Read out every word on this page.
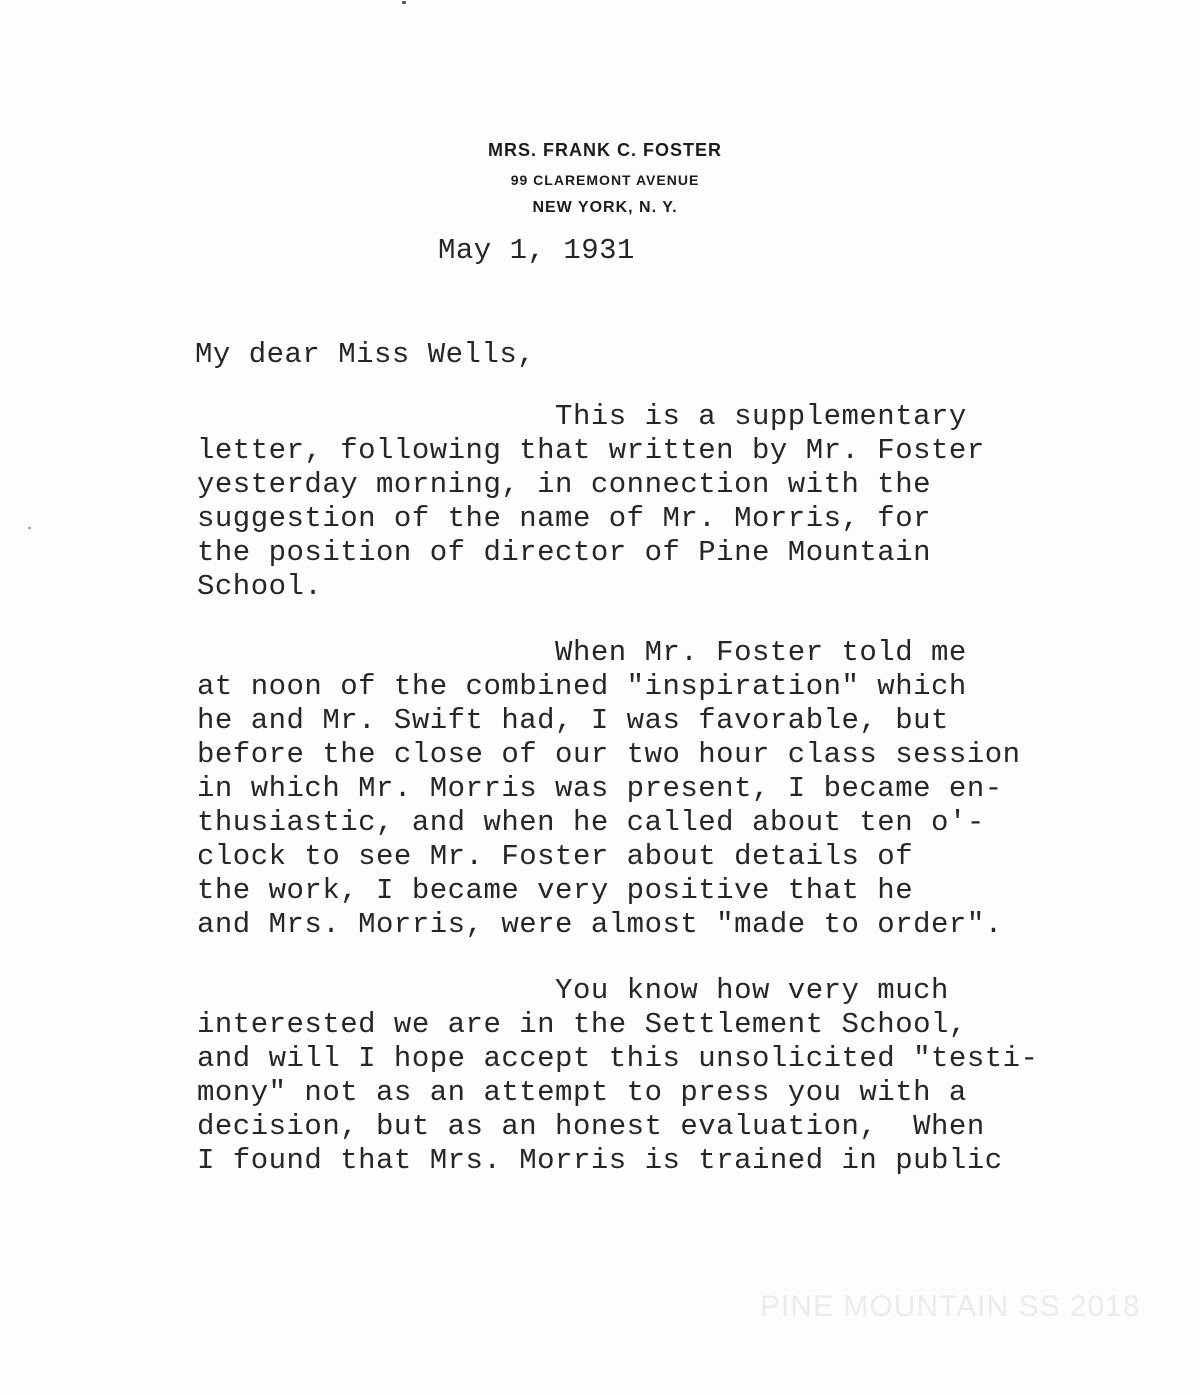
MRS. FRANK C. FOSTER
99 CLAREMONT AVENUE
NEW YORK, N. Y.
May 1, 1931
My dear Miss Wells,
This is a supplementary
letter, following that written by Mr. Foster
yesterday morning, in connection with the
suggestion of the name of Mr. Morris, for
the position of director of Pine Mountain
School.
When Mr. Foster told me
at noon of the combined "inspiration" which
he and Mr. Swift had, I was favorable, but
before the close of our two hour class session
in which Mr. Morris was present, I became en-
thusiastic, and when he called about ten o'-
clock to see Mr. Foster about details of
the work, I became very positive that he
and Mrs. Morris, were almost "made to order".
You know how very much
interested we are in the Settlement School,
and will I hope accept this unsolicited "testi-
mony" not as an attempt to press you with a
decision, but as an honest evaluation,  When
I found that Mrs. Morris is trained in public
PINE MOUNTAIN SS 2018
